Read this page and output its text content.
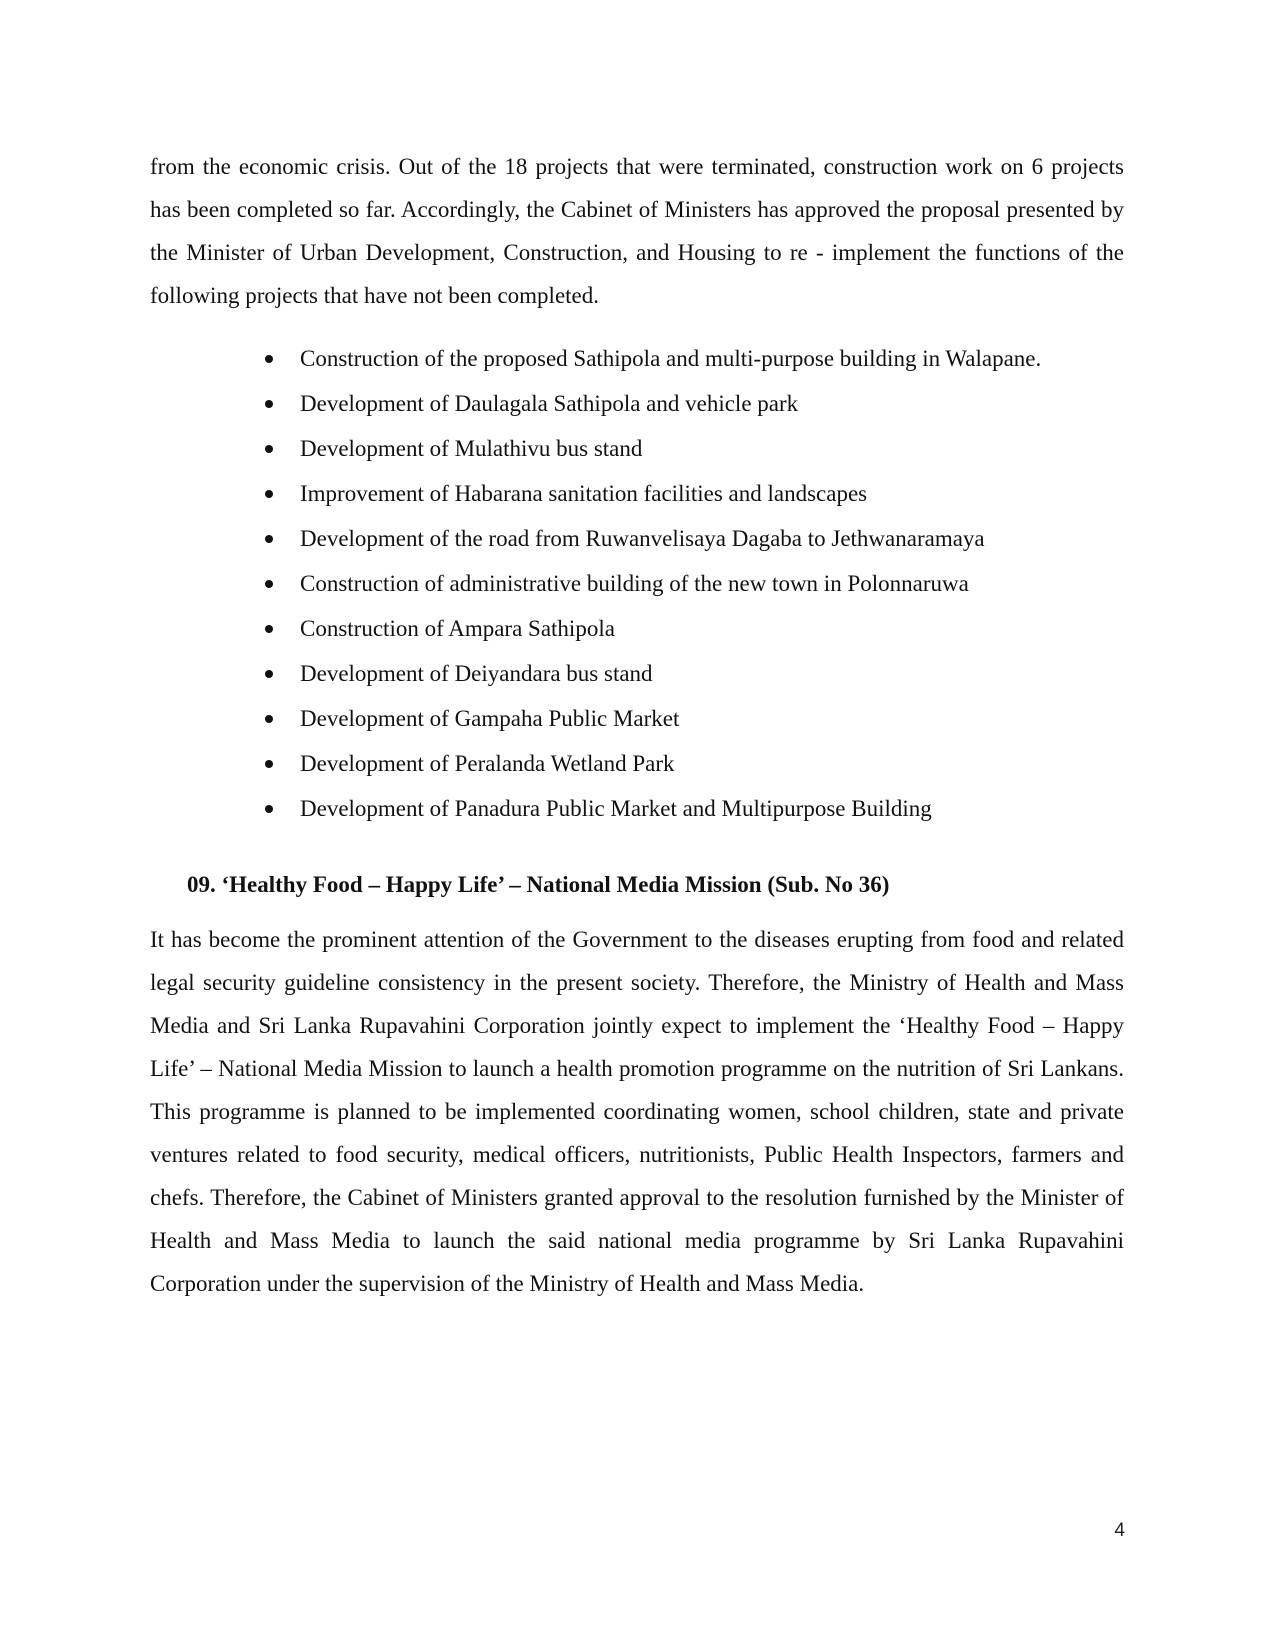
from the economic crisis. Out of the 18 projects that were terminated, construction work on 6 projects has been completed so far. Accordingly, the Cabinet of Ministers has approved the proposal presented by the Minister of Urban Development, Construction, and Housing to re - implement the functions of the following projects that have not been completed.

Construction of the proposed Sathipola and multi-purpose building in Walapane.
Development of Daulagala Sathipola and vehicle park
Development of Mulathivu bus stand
Improvement of Habarana sanitation facilities and landscapes
Development of the road from Ruwanvelisaya Dagaba to Jethwanaramaya
Construction of administrative building of the new town in Polonnaruwa
Construction of Ampara Sathipola
Development of Deiyandara bus stand
Development of Gampaha Public Market
Development of Peralanda Wetland Park
Development of Panadura Public Market and Multipurpose Building
09. ‘Healthy Food – Happy Life’ – National Media Mission (Sub. No 36)

It has become the prominent attention of the Government to the diseases erupting from food and related legal security guideline consistency in the present society. Therefore, the Ministry of Health and Mass Media and Sri Lanka Rupavahini Corporation jointly expect to implement the ‘Healthy Food – Happy Life’ – National Media Mission to launch a health promotion programme on the nutrition of Sri Lankans. This programme is planned to be implemented coordinating women, school children, state and private ventures related to food security, medical officers, nutritionists, Public Health Inspectors, farmers and chefs. Therefore, the Cabinet of Ministers granted approval to the resolution furnished by the Minister of Health and Mass Media to launch the said national media programme by Sri Lanka Rupavahini Corporation under the supervision of the Ministry of Health and Mass Media.

4
